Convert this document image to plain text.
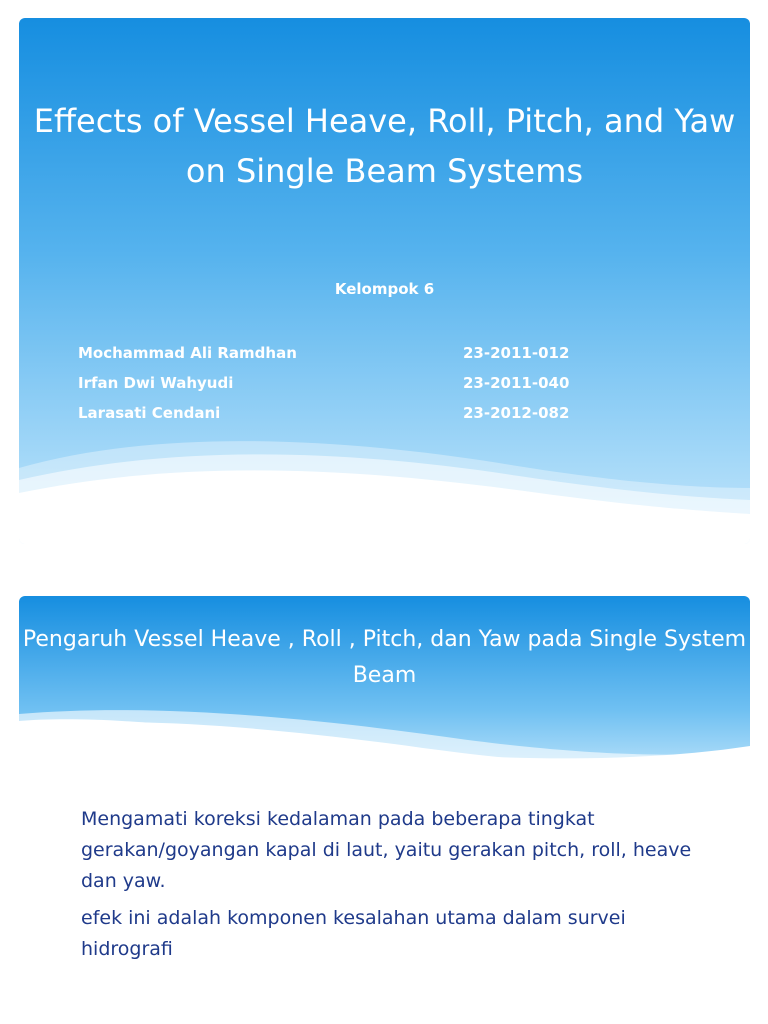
Effects of Vessel Heave, Roll, Pitch, and Yaw on Single Beam Systems
Kelompok 6
Mochammad Ali Ramdhan	23-2011-012
Irfan Dwi Wahyudi	23-2011-040
Larasati Cendani	23-2012-082
Pengaruh Vessel Heave , Roll , Pitch, dan Yaw pada Single System Beam

Mengamati koreksi kedalaman pada beberapa tingkat gerakan/goyangan kapal di laut, yaitu gerakan pitch, roll, heave dan yaw.

efek ini adalah komponen kesalahan utama dalam survei hidrografi
